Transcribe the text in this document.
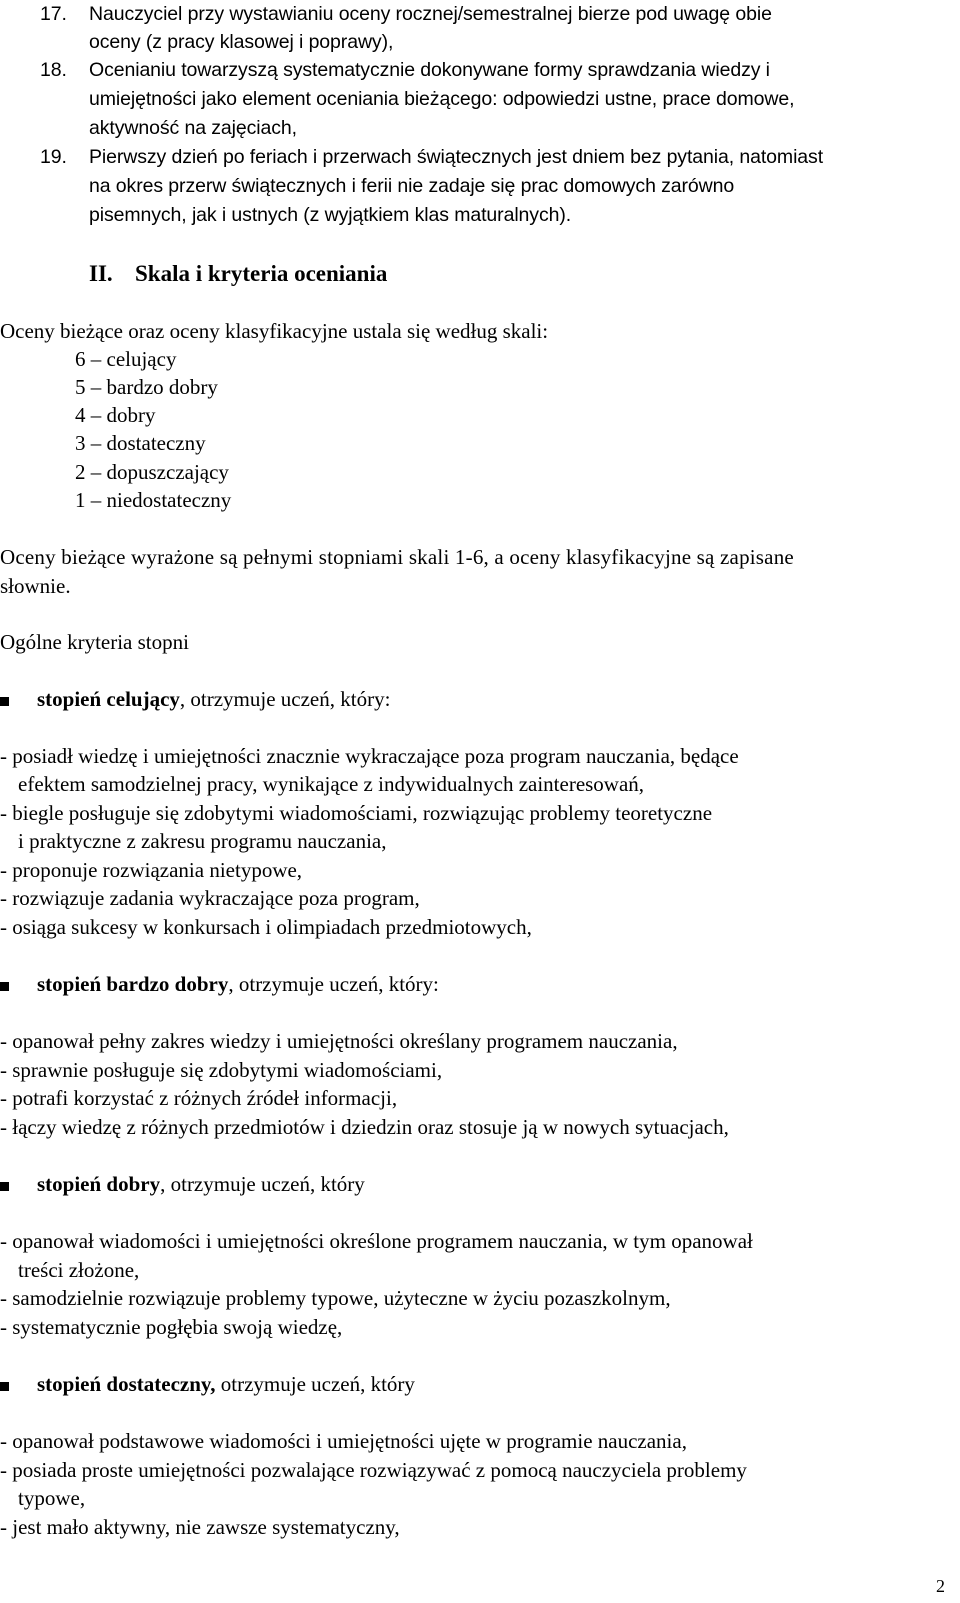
17. Nauczyciel przy wystawianiu oceny rocznej/semestralnej bierze pod uwagę obie
oceny (z pracy klasowej i poprawy),
18. Ocenianiu towarzyszą systematycznie dokonywane formy sprawdzania wiedzy i
umiejętności jako element oceniania bieżącego: odpowiedzi ustne, prace domowe,
aktywność na zajęciach,
19. Pierwszy dzień po feriach i przerwach świątecznych jest dniem bez pytania, natomiast
na okres przerw świątecznych i ferii nie zadaje się prac domowych zarówno
pisemnych, jak i ustnych (z wyjątkiem klas maturalnych).
II. Skala i kryteria oceniania
Oceny bieżące oraz oceny klasyfikacyjne ustala się według skali:
6 – celujący
5 – bardzo dobry
4 – dobry
3 – dostateczny
2 – dopuszczający
1 – niedostateczny
Oceny bieżące wyrażone są pełnymi stopniami skali 1-6, a oceny klasyfikacyjne są zapisane
słownie.
Ogólne kryteria stopni
stopień celujący, otrzymuje uczeń, który:
- posiadł wiedzę i umiejętności znacznie wykraczające poza program nauczania, będące
efektem samodzielnej pracy, wynikające z indywidualnych zainteresowań,
- biegle posługuje się zdobytymi wiadomościami, rozwiązując problemy teoretyczne
i praktyczne z zakresu programu nauczania,
- proponuje rozwiązania nietypowe,
- rozwiązuje zadania wykraczające poza program,
- osiąga sukcesy w konkursach i olimpiadach przedmiotowych,
stopień bardzo dobry, otrzymuje uczeń, który:
- opanował pełny zakres wiedzy i umiejętności określany programem nauczania,
- sprawnie posługuje się zdobytymi wiadomościami,
- potrafi korzystać z różnych źródeł informacji,
- łączy wiedzę z różnych przedmiotów i dziedzin oraz stosuje ją w nowych sytuacjach,
stopień dobry, otrzymuje uczeń, który
- opanował wiadomości i umiejętności określone programem nauczania, w tym opanował
treści złożone,
- samodzielnie rozwiązuje problemy typowe, użyteczne w życiu pozaszkolnym,
- systematycznie pogłębia swoją wiedzę,
stopień dostateczny, otrzymuje uczeń, który
- opanował podstawowe wiadomości i umiejętności ujęte w programie nauczania,
- posiada proste umiejętności pozwalające rozwiązywać z pomocą nauczyciela problemy
typowe,
- jest mało aktywny, nie zawsze systematyczny,
2
